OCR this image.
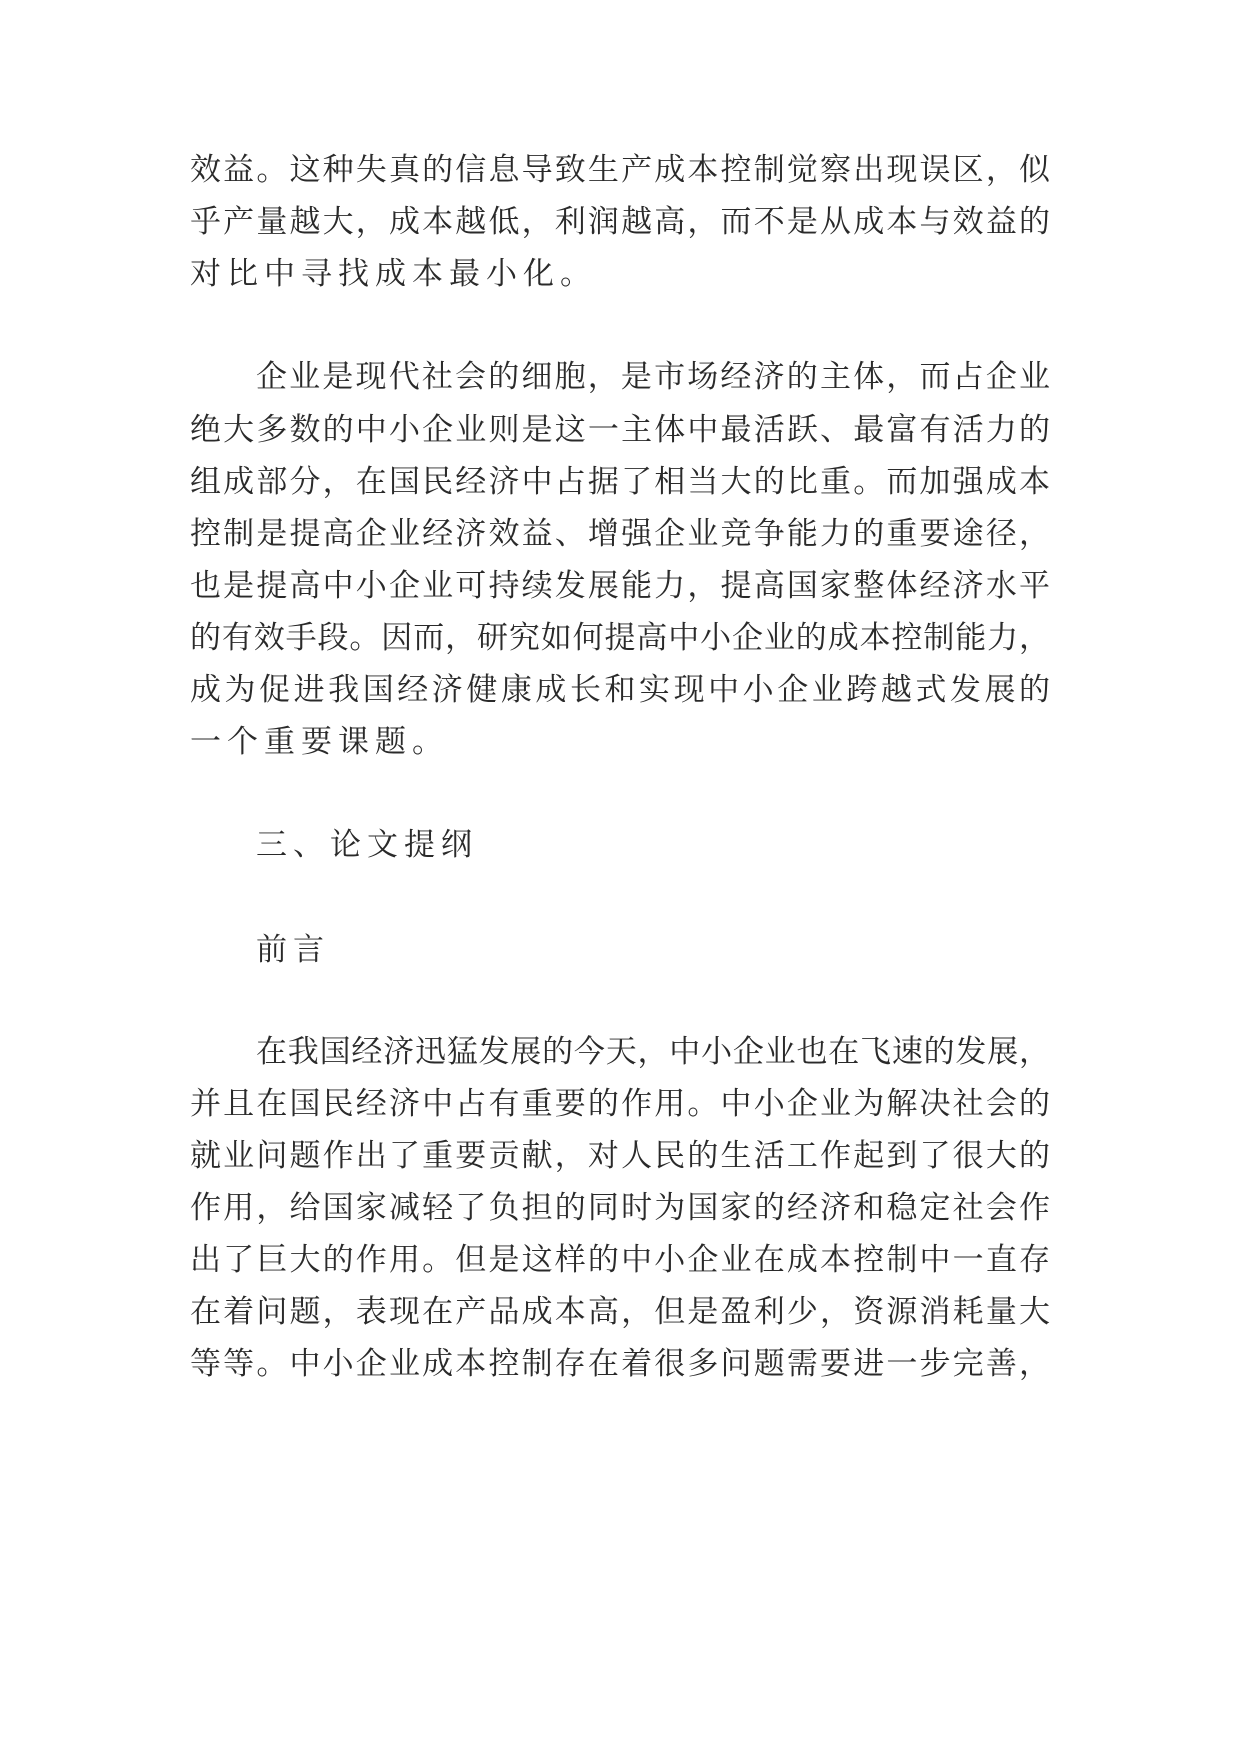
效益。这种失真的信息导致生产成本控制觉察出现误区，似
乎产量越大，成本越低，利润越高，而不是从成本与效益的
对比中寻找成本最小化。
企业是现代社会的细胞，是市场经济的主体，而占企业
绝大多数的中小企业则是这一主体中最活跃、最富有活力的
组成部分，在国民经济中占据了相当大的比重。而加强成本
控制是提高企业经济效益、增强企业竞争能力的重要途径，
也是提高中小企业可持续发展能力，提高国家整体经济水平
的有效手段。因而，研究如何提高中小企业的成本控制能力，
成为促进我国经济健康成长和实现中小企业跨越式发展的
一个重要课题。
三、论文提纲
前言
在我国经济迅猛发展的今天，中小企业也在飞速的发展，
并且在国民经济中占有重要的作用。中小企业为解决社会的
就业问题作出了重要贡献，对人民的生活工作起到了很大的
作用，给国家减轻了负担的同时为国家的经济和稳定社会作
出了巨大的作用。但是这样的中小企业在成本控制中一直存
在着问题，表现在产品成本高，但是盈利少，资源消耗量大
等等。中小企业成本控制存在着很多问题需要进一步完善，
